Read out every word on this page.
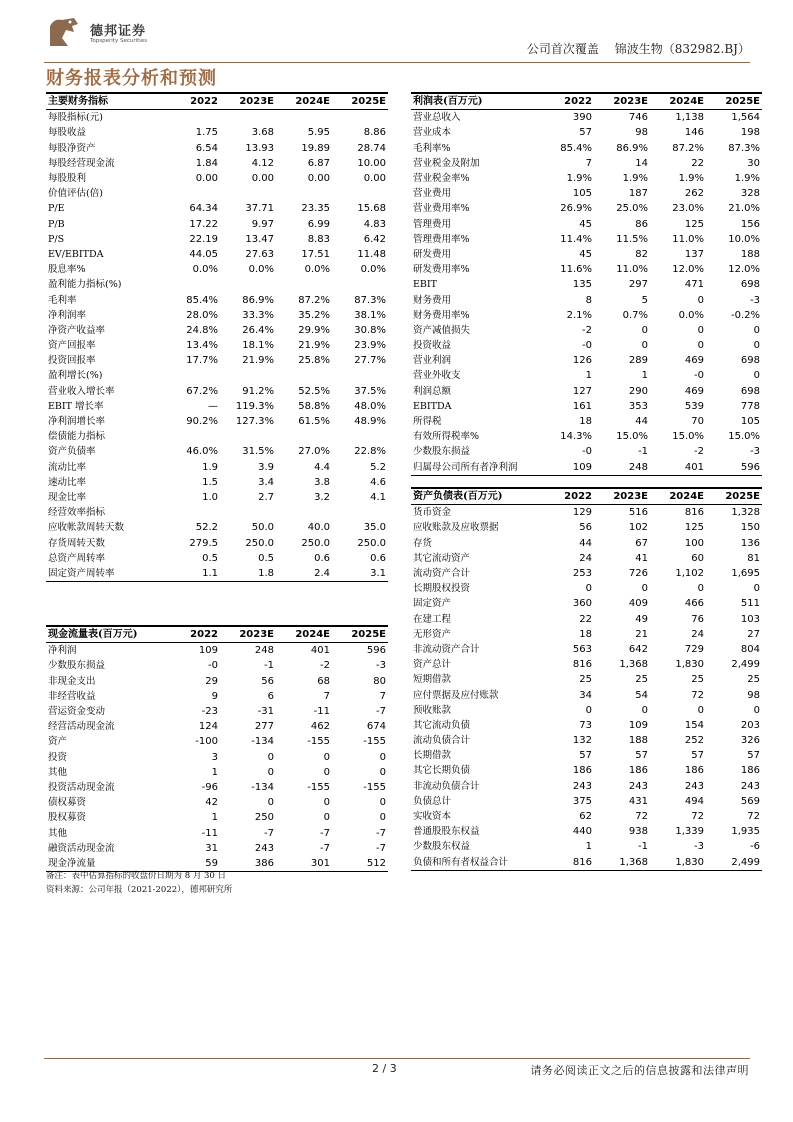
德邦证券
Topsperity Securities
公司首次覆盖 锦波生物（832982.BJ）
财务报表分析和预测
主要财务指标	2022	2023E	2024E	2025E
每股指标(元)				
每股收益	1.75	3.68	5.95	8.86
每股净资产	6.54	13.93	19.89	28.74
每股经营现金流	1.84	4.12	6.87	10.00
每股股利	0.00	0.00	0.00	0.00
价值评估(倍)				
P/E	64.34	37.71	23.35	15.68
P/B	17.22	9.97	6.99	4.83
P/S	22.19	13.47	8.83	6.42
EV/EBITDA	44.05	27.63	17.51	11.48
股息率%	0.0%	0.0%	0.0%	0.0%
盈利能力指标(%)				
毛利率	85.4%	86.9%	87.2%	87.3%
净利润率	28.0%	33.3%	35.2%	38.1%
净资产收益率	24.8%	26.4%	29.9%	30.8%
资产回报率	13.4%	18.1%	21.9%	23.9%
投资回报率	17.7%	21.9%	25.8%	27.7%
盈利增长(%)				
营业收入增长率	67.2%	91.2%	52.5%	37.5%
EBIT 增长率	—	119.3%	58.8%	48.0%
净利润增长率	90.2%	127.3%	61.5%	48.9%
偿债能力指标				
资产负债率	46.0%	31.5%	27.0%	22.8%
流动比率	1.9	3.9	4.4	5.2
速动比率	1.5	3.4	3.8	4.6
现金比率	1.0	2.7	3.2	4.1
经营效率指标				
应收帐款周转天数	52.2	50.0	40.0	35.0
存货周转天数	279.5	250.0	250.0	250.0
总资产周转率	0.5	0.5	0.6	0.6
固定资产周转率	1.1	1.8	2.4	3.1
现金流量表(百万元)	2022	2023E	2024E	2025E
净利润	109	248	401	596
少数股东损益	-0	-1	-2	-3
非现金支出	29	56	68	80
非经营收益	9	6	7	7
营运资金变动	-23	-31	-11	-7
经营活动现金流	124	277	462	674
资产	-100	-134	-155	-155
投资	3	0	0	0
其他	1	0	0	0
投资活动现金流	-96	-134	-155	-155
债权募资	42	0	0	0
股权募资	1	250	0	0
其他	-11	-7	-7	-7
融资活动现金流	31	243	-7	-7
现金净流量	59	386	301	512
利润表(百万元)	2022	2023E	2024E	2025E
营业总收入	390	746	1,138	1,564
营业成本	57	98	146	198
毛利率%	85.4%	86.9%	87.2%	87.3%
营业税金及附加	7	14	22	30
营业税金率%	1.9%	1.9%	1.9%	1.9%
营业费用	105	187	262	328
营业费用率%	26.9%	25.0%	23.0%	21.0%
管理费用	45	86	125	156
管理费用率%	11.4%	11.5%	11.0%	10.0%
研发费用	45	82	137	188
研发费用率%	11.6%	11.0%	12.0%	12.0%
EBIT	135	297	471	698
财务费用	8	5	0	-3
财务费用率%	2.1%	0.7%	0.0%	-0.2%
资产减值损失	-2	0	0	0
投资收益	-0	0	0	0
营业利润	126	289	469	698
营业外收支	1	1	-0	0
利润总额	127	290	469	698
EBITDA	161	353	539	778
所得税	18	44	70	105
有效所得税率%	14.3%	15.0%	15.0%	15.0%
少数股东损益	-0	-1	-2	-3
归属母公司所有者净利润	109	248	401	596
资产负债表(百万元)	2022	2023E	2024E	2025E
货币资金	129	516	816	1,328
应收账款及应收票据	56	102	125	150
存货	44	67	100	136
其它流动资产	24	41	60	81
流动资产合计	253	726	1,102	1,695
长期股权投资	0	0	0	0
固定资产	360	409	466	511
在建工程	22	49	76	103
无形资产	18	21	24	27
非流动资产合计	563	642	729	804
资产总计	816	1,368	1,830	2,499
短期借款	25	25	25	25
应付票据及应付账款	34	54	72	98
预收账款	0	0	0	0
其它流动负债	73	109	154	203
流动负债合计	132	188	252	326
长期借款	57	57	57	57
其它长期负债	186	186	186	186
非流动负债合计	243	243	243	243
负债总计	375	431	494	569
实收资本	62	72	72	72
普通股股东权益	440	938	1,339	1,935
少数股东权益	1	-1	-3	-6
负债和所有者权益合计	816	1,368	1,830	2,499
备注：表中估算指标的收盘价日期为 8 月 30 日
资料来源：公司年报（2021-2022），德邦研究所
2 / 3	请务必阅读正文之后的信息披露和法律声明
